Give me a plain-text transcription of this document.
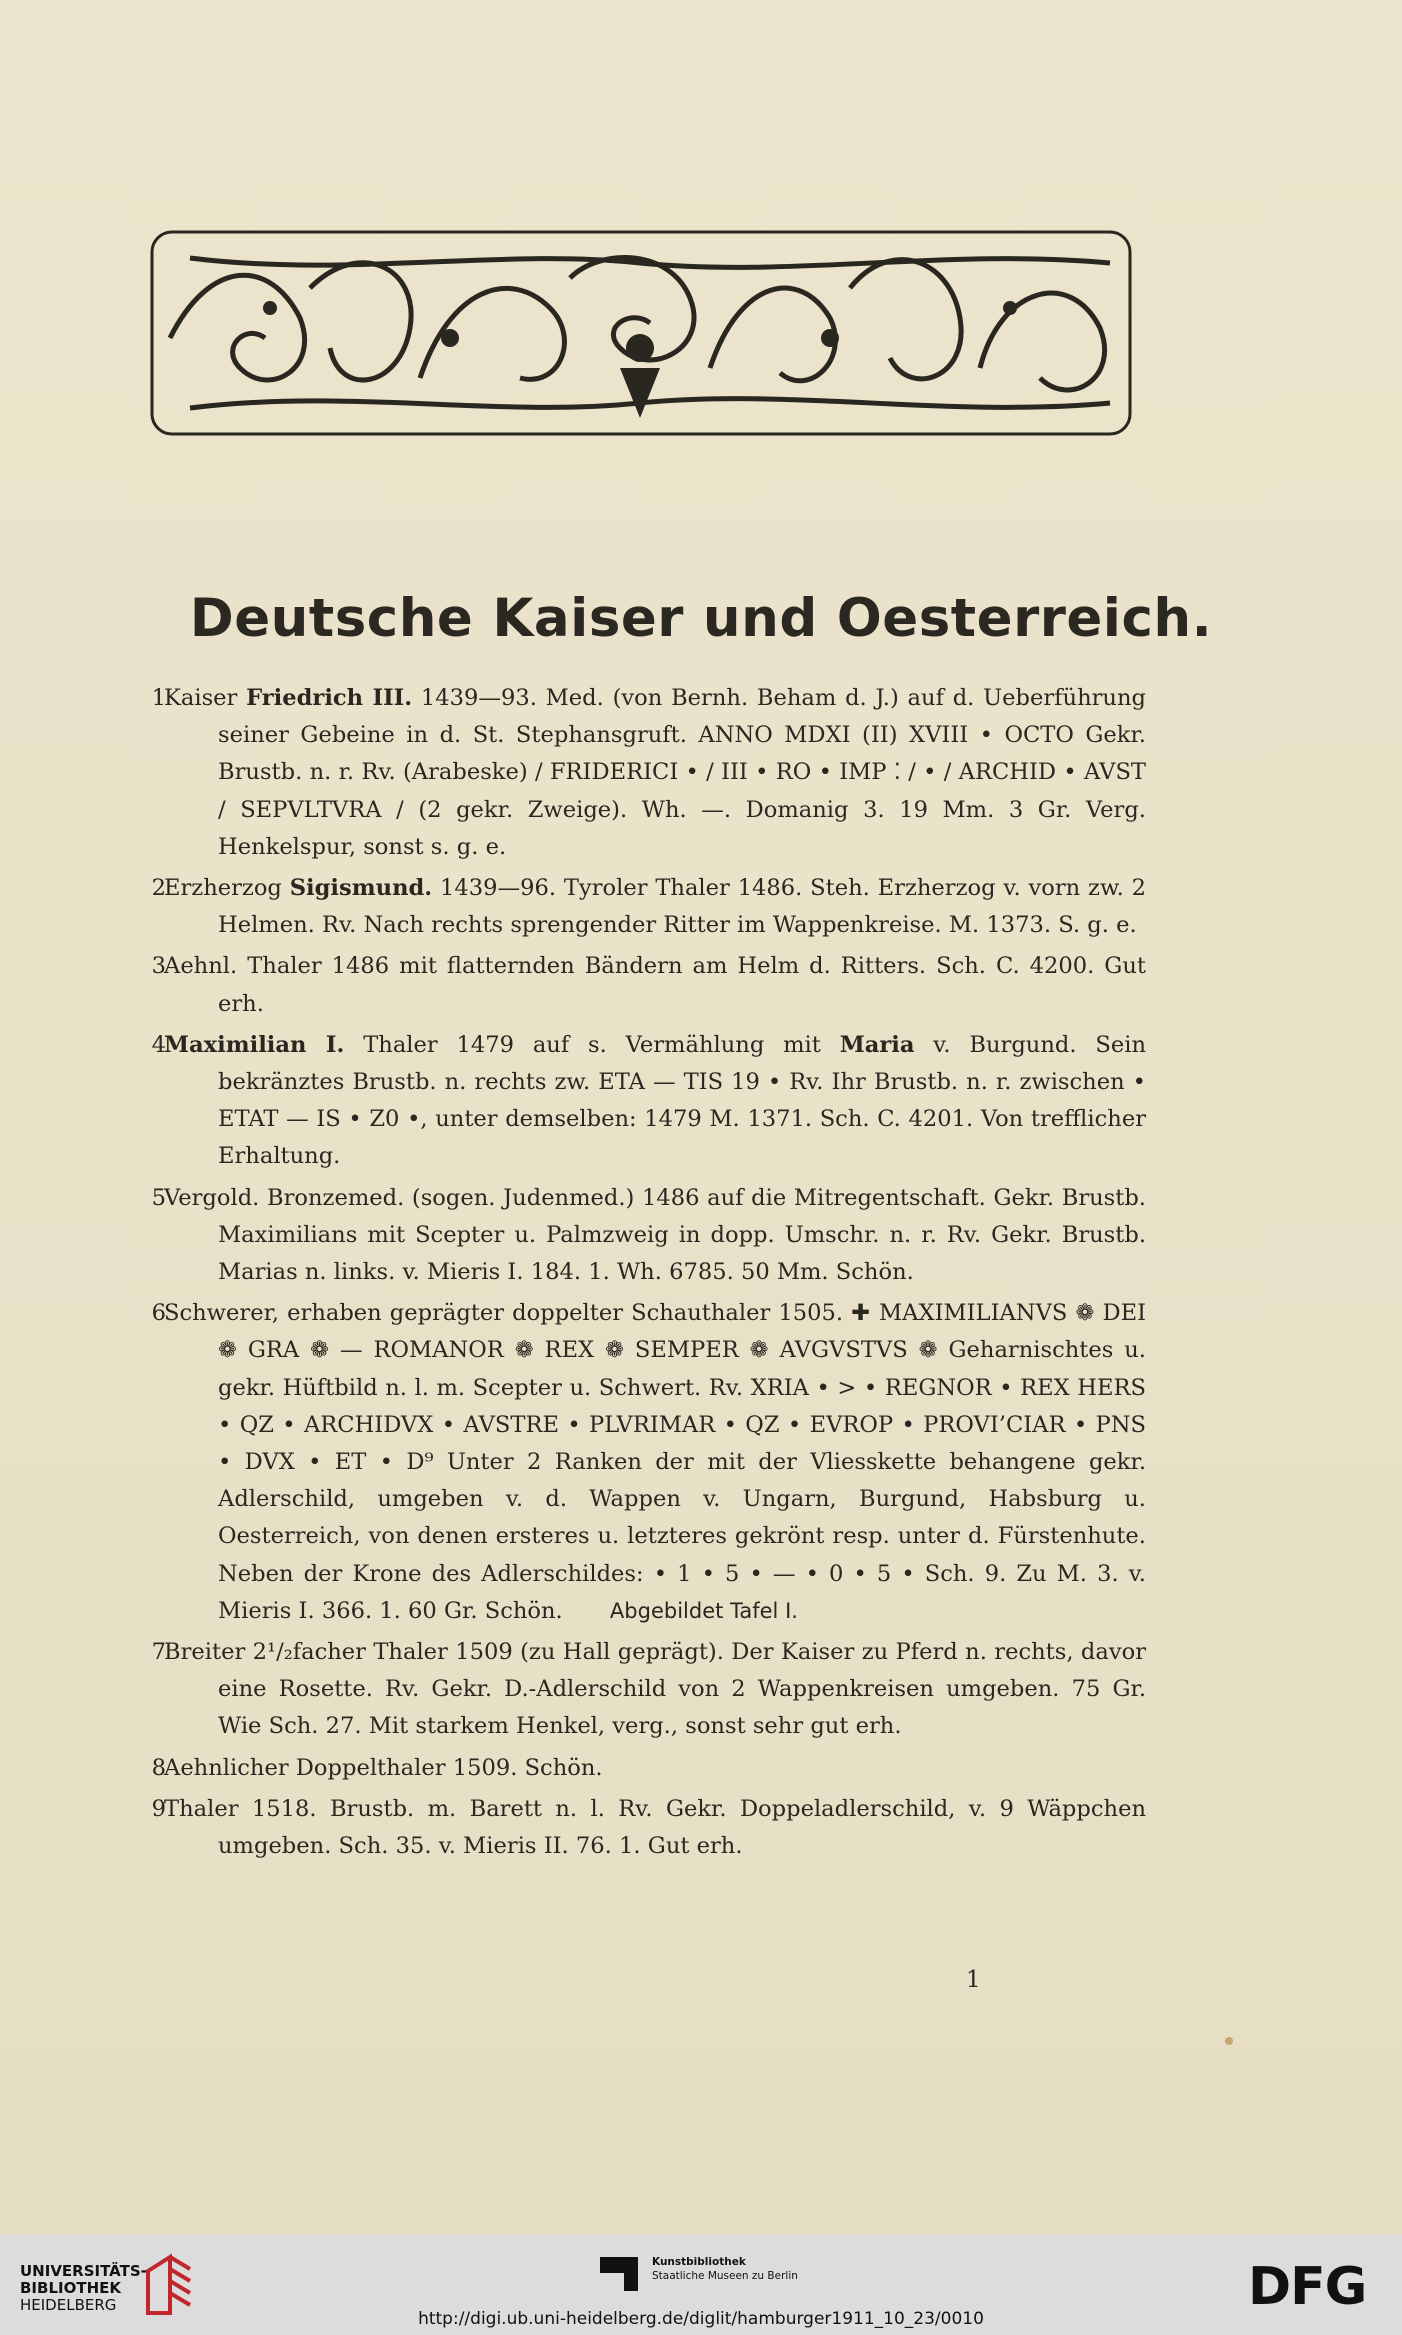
Deutsche Kaiser und Oesterreich.
1
Kaiser Friedrich III. 1439—93. Med. (von Bernh. Beham d. J.) auf d. Ueberführung seiner Gebeine in d. St. Stephansgruft. ANNO MDXI (II) XVIII • OCTO Gekr. Brustb. n. r. Rv. (Arabeske) / FRIDERICI • / III • RO • IMP ⁚ / • / ARCHID • AVST / SEPVLTVRA / (2 gekr. Zweige). Wh. —. Domanig 3. 19 Mm. 3 Gr. Verg. Henkelspur, sonst s. g. e.
2
Erzherzog Sigismund. 1439—96. Tyroler Thaler 1486. Steh. Erzherzog v. vorn zw. 2 Helmen. Rv. Nach rechts sprengender Ritter im Wappenkreise. M. 1373. S. g. e.
3
Aehnl. Thaler 1486 mit flatternden Bändern am Helm d. Ritters. Sch. C. 4200. Gut erh.
4
Maximilian I. Thaler 1479 auf s. Vermählung mit Maria v. Burgund. Sein bekränztes Brustb. n. rechts zw. ETA — TIS 19 • Rv. Ihr Brustb. n. r. zwischen • ETAT — IS • Z0 •, unter demselben: 1479 M. 1371. Sch. C. 4201. Von trefflicher Erhaltung.
5
Vergold. Bronzemed. (sogen. Judenmed.) 1486 auf die Mitregentschaft. Gekr. Brustb. Maximilians mit Scepter u. Palmzweig in dopp. Umschr. n. r. Rv. Gekr. Brustb. Marias n. links. v. Mieris I. 184. 1. Wh. 6785. 50 Mm. Schön.
6
Schwerer, erhaben geprägter doppelter Schauthaler 1505. ✚ MAXIMILIANVS ❁ DEI ❁ GRA ❁ — ROMANOR ❁ REX ❁ SEMPER ❁ AVGVSTVS ❁ Geharnischtes u. gekr. Hüftbild n. l. m. Scepter u. Schwert. Rv. XRIA • > • REGNOR • REX HERS • QZ • ARCHIDVX • AVSTRE • PLVRIMAR • QZ • EVROP • PROVI’CIAR • PNS • DVX • ET • D⁹ Unter 2 Ranken der mit der Vliesskette behangene gekr. Adlerschild, umgeben v. d. Wappen v. Ungarn, Burgund, Habsburg u. Oesterreich, von denen ersteres u. letzteres gekrönt resp. unter d. Fürstenhute. Neben der Krone des Adlerschildes: • 1 • 5 • — • 0 • 5 • Sch. 9. Zu M. 3. v. Mieris I. 366. 1. 60 Gr. Schön. Abgebildet Tafel I.
7
Breiter 2¹/₂facher Thaler 1509 (zu Hall geprägt). Der Kaiser zu Pferd n. rechts, davor eine Rosette. Rv. Gekr. D.-Adlerschild von 2 Wappenkreisen umgeben. 75 Gr. Wie Sch. 27. Mit starkem Henkel, verg., sonst sehr gut erh.
8
Aehnlicher Doppelthaler 1509. Schön.
9
Thaler 1518. Brustb. m. Barett n. l. Rv. Gekr. Doppeladlerschild, v. 9 Wäppchen umgeben. Sch. 35. v. Mieris II. 76. 1. Gut erh.
1
UNIVERSITÄTS-
BIBLIOTHEK
HEIDELBERG
Kunstbibliothek
Staatliche Museen zu Berlin	DFG
http://digi.ub.uni-heidelberg.de/diglit/hamburger1911_10_23/0010
